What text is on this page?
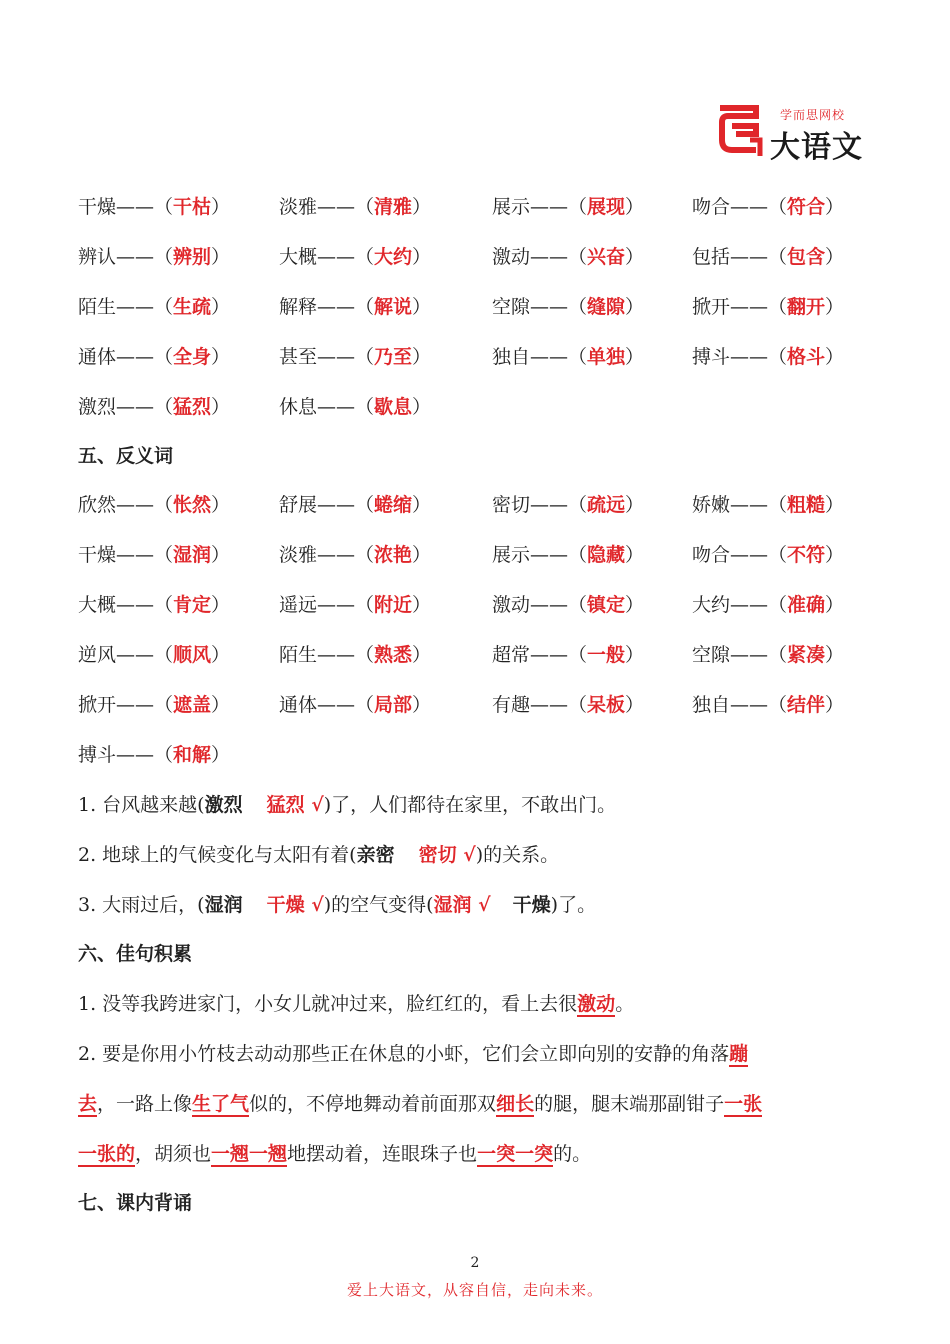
学而思网校
大语文
干燥——（干枯）	淡雅——（清雅）	展示——（展现）	吻合——（符合）
辨认——（辨别）	大概——（大约）	激动——（兴奋）	包括——（包含）
陌生——（生疏）	解释——（解说）	空隙——（缝隙）	掀开——（翻开）
通体——（全身）	甚至——（乃至）	独自——（单独）	搏斗——（格斗）
激烈——（猛烈）	休息——（歇息）
五、反义词
欣然——（怅然）	舒展——（蜷缩）	密切——（疏远）	娇嫩——（粗糙）
干燥——（湿润）	淡雅——（浓艳）	展示——（隐藏）	吻合——（不符）
大概——（肯定）	遥远——（附近）	激动——（镇定）	大约——（准确）
逆风——（顺风）	陌生——（熟悉）	超常——（一般）	空隙——（紧凑）
掀开——（遮盖）	通体——（局部）	有趣——（呆板）	独自——（结伴）
搏斗——（和解）
1. 台风越来越(激烈 猛烈 √)了，人们都待在家里，不敢出门。
2. 地球上的气候变化与太阳有着(亲密 密切 √)的关系。
3. 大雨过后，(湿润 干燥 √)的空气变得(湿润 √ 干燥)了。
六、佳句积累
1. 没等我跨进家门，小女儿就冲过来，脸红红的，看上去很激动。
2. 要是你用小竹枝去动动那些正在休息的小虾，它们会立即向别的安静的角落蹦
去，一路上像生了气似的，不停地舞动着前面那双细长的腿，腿末端那副钳子一张
一张的，胡须也一翘一翘地摆动着，连眼珠子也一突一突的。
七、课内背诵
2
爱上大语文，从容自信，走向未来。
